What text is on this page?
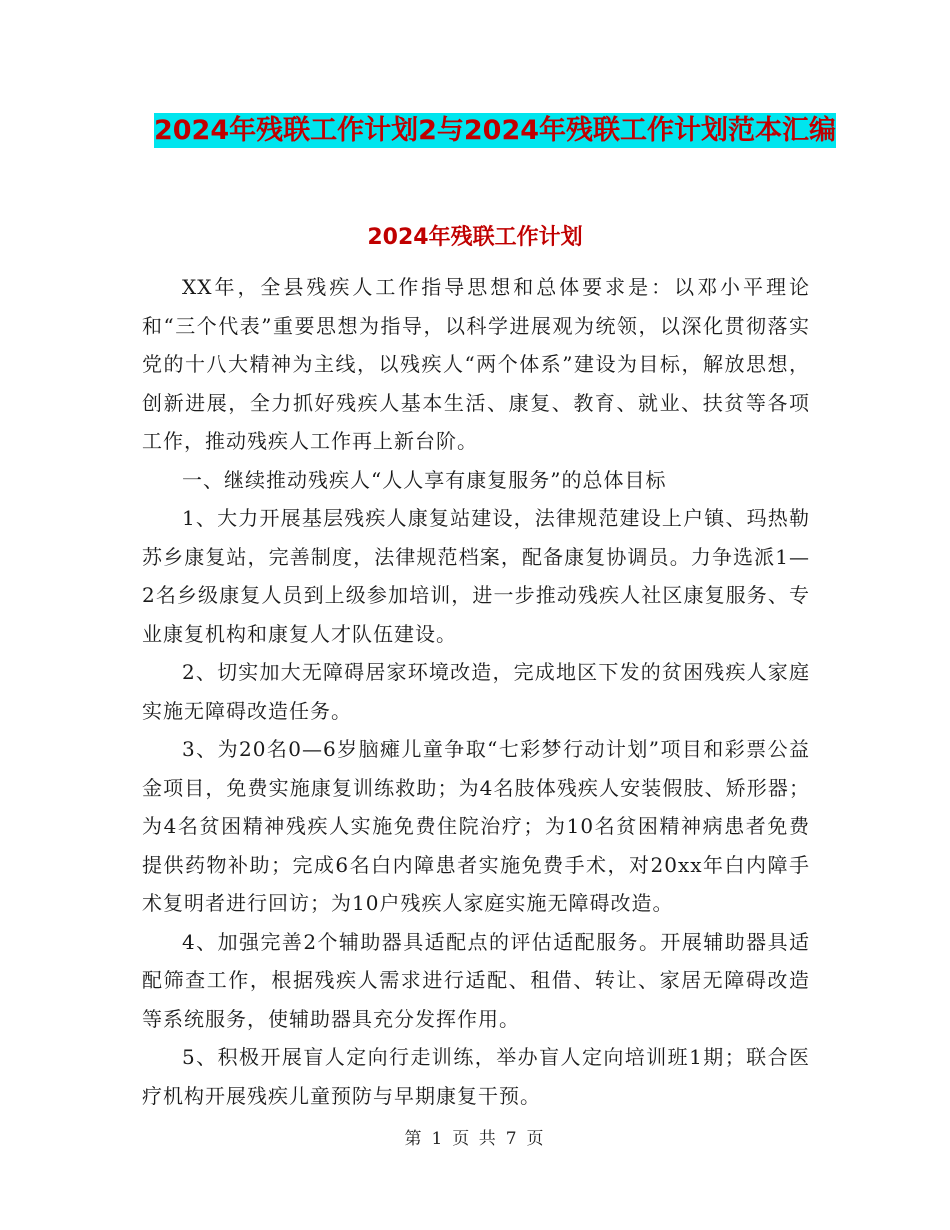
2024年残联工作计划2与2024年残联工作计划范本汇编
2024年残联工作计划

XX年，全县残疾人工作指导思想和总体要求是：以邓小平理论和“三个代表”重要思想为指导，以科学进展观为统领，以深化贯彻落实党的十八大精神为主线，以残疾人“两个体系”建设为目标，解放思想，创新进展，全力抓好残疾人基本生活、康复、教育、就业、扶贫等各项工作，推动残疾人工作再上新台阶。

一、继续推动残疾人“人人享有康复服务”的总体目标

1、大力开展基层残疾人康复站建设，法律规范建设上户镇、玛热勒苏乡康复站，完善制度，法律规范档案，配备康复协调员。力争选派1—2名乡级康复人员到上级参加培训，进一步推动残疾人社区康复服务、专业康复机构和康复人才队伍建设。

2、切实加大无障碍居家环境改造，完成地区下发的贫困残疾人家庭实施无障碍改造任务。

3、为20名0—6岁脑瘫儿童争取“七彩梦行动计划”项目和彩票公益金项目，免费实施康复训练救助；为4名肢体残疾人安装假肢、矫形器；为4名贫困精神残疾人实施免费住院治疗；为10名贫困精神病患者免费提供药物补助；完成6名白内障患者实施免费手术，对20xx年白内障手术复明者进行回访；为10户残疾人家庭实施无障碍改造。

4、加强完善2个辅助器具适配点的评估适配服务。开展辅助器具适配筛查工作，根据残疾人需求进行适配、租借、转让、家居无障碍改造等系统服务，使辅助器具充分发挥作用。

5、积极开展盲人定向行走训练，举办盲人定向培训班1期；联合医疗机构开展残疾儿童预防与早期康复干预。

第 1 页 共 7 页
